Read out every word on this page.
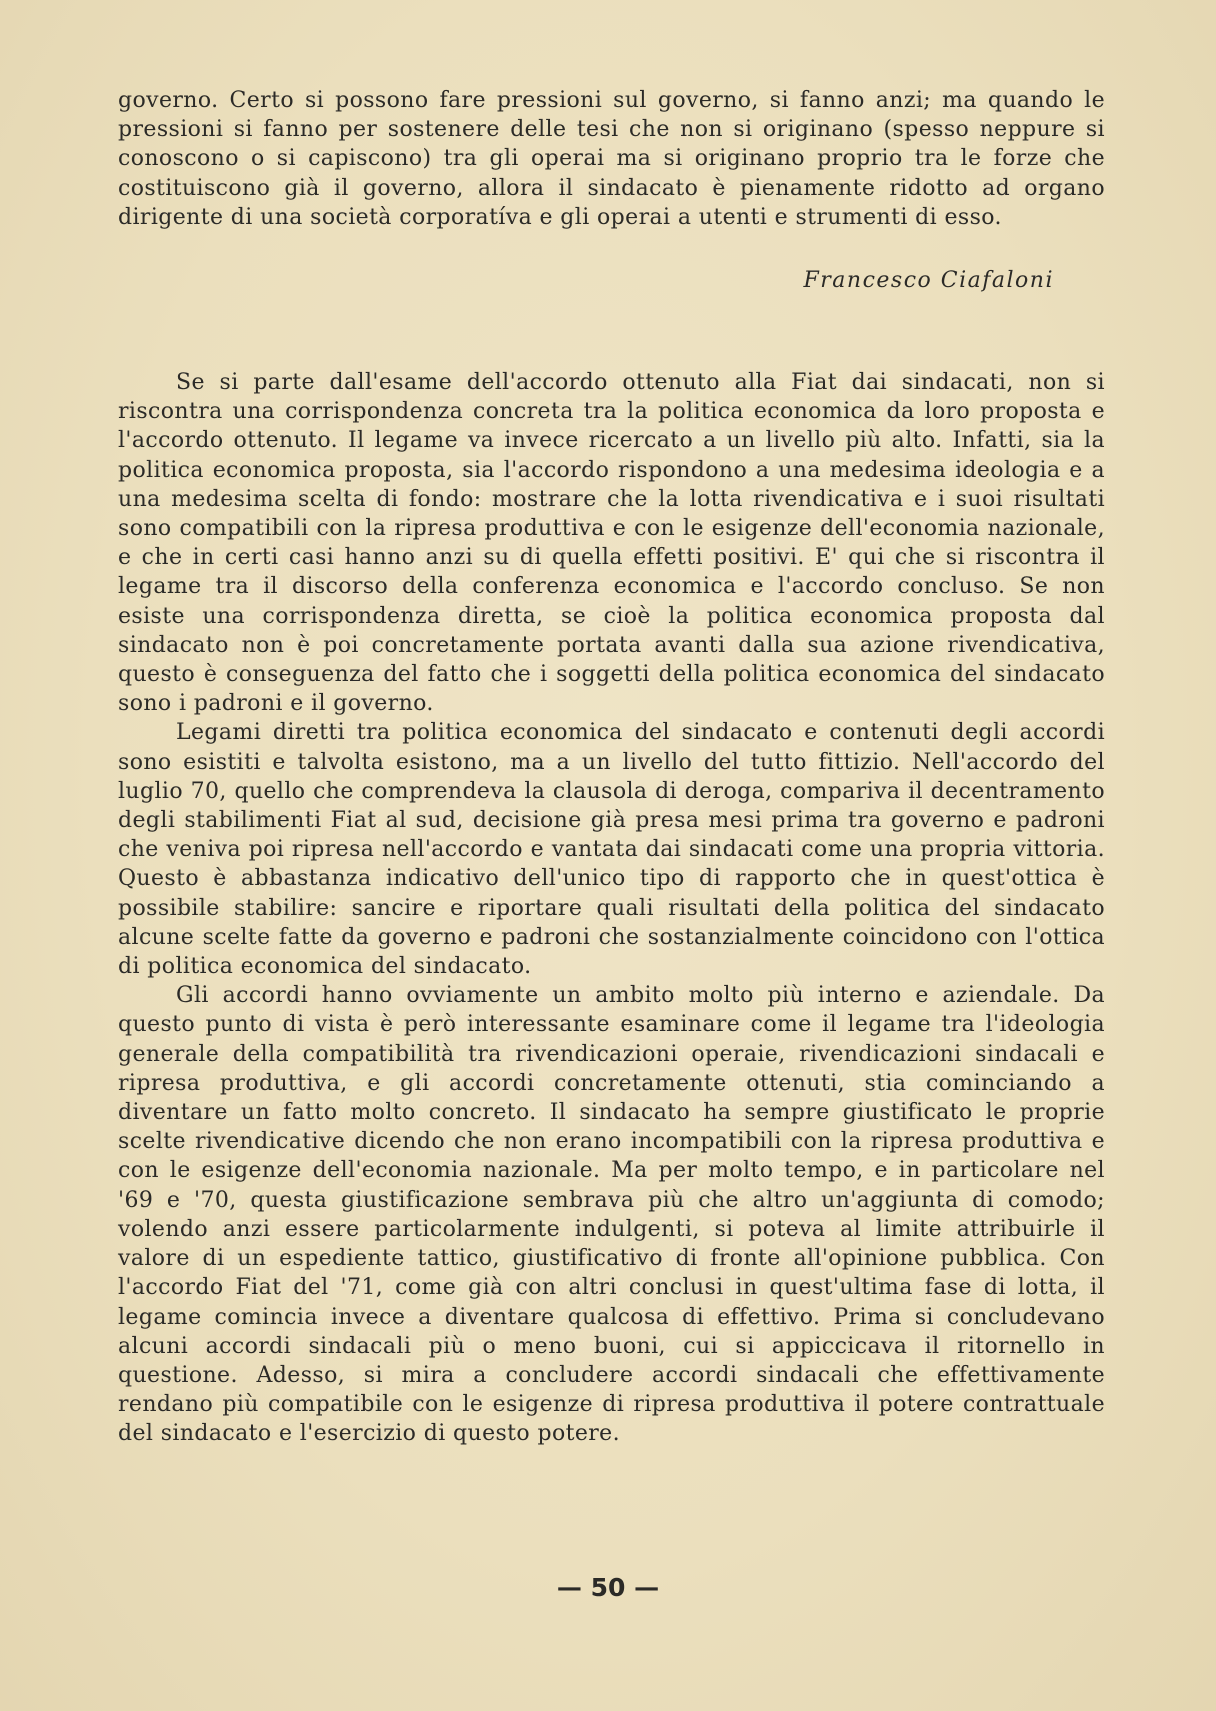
governo. Certo si possono fare pressioni sul governo, si fanno anzi; ma quando le pressioni si fanno per sostenere delle tesi che non si originano (spesso neppure si conoscono o si capiscono) tra gli operai ma si originano proprio tra le forze che costituiscono già il governo, allora il sindacato è pienamente ridotto ad organo dirigente di una società corporatíva e gli operai a utenti e strumenti di esso.

Francesco Ciafaloni

Se si parte dall'esame dell'accordo ottenuto alla Fiat dai sindacati, non si riscontra una corrispondenza concreta tra la politica economica da loro proposta e l'accordo ottenuto. Il legame va invece ricercato a un livello più alto. Infatti, sia la politica economica proposta, sia l'accordo rispondono a una medesima ideologia e a una medesima scelta di fondo: mostrare che la lotta rivendicativa e i suoi risultati sono compatibili con la ripresa produttiva e con le esigenze dell'economia nazionale, e che in certi casi hanno anzi su di quella effetti positivi. E' qui che si riscontra il legame tra il discorso della conferenza economica e l'accordo concluso. Se non esiste una corrispondenza diretta, se cioè la politica economica proposta dal sindacato non è poi concretamente portata avanti dalla sua azione rivendicativa, questo è conseguenza del fatto che i soggetti della politica economica del sindacato sono i padroni e il governo.

Legami diretti tra politica economica del sindacato e contenuti degli accordi sono esistiti e talvolta esistono, ma a un livello del tutto fittizio. Nell'accordo del luglio 70, quello che comprendeva la clausola di deroga, compariva il decentramento degli stabilimenti Fiat al sud, decisione già presa mesi prima tra governo e padroni che veniva poi ripresa nell'accordo e vantata dai sindacati come una propria vittoria. Questo è abbastanza indicativo dell'unico tipo di rapporto che in quest'ottica è possibile stabilire: sancire e riportare quali risultati della politica del sindacato alcune scelte fatte da governo e padroni che sostanzialmente coincidono con l'ottica di politica economica del sindacato.

Gli accordi hanno ovviamente un ambito molto più interno e aziendale. Da questo punto di vista è però interessante esaminare come il legame tra l'ideologia generale della compatibilità tra rivendicazioni operaie, rivendicazioni sindacali e ripresa produttiva, e gli accordi concretamente ottenuti, stia cominciando a diventare un fatto molto concreto. Il sindacato ha sempre giustificato le proprie scelte rivendicative dicendo che non erano incompatibili con la ripresa produttiva e con le esigenze dell'economia nazionale. Ma per molto tempo, e in particolare nel '69 e '70, questa giustificazione sembrava più che altro un'aggiunta di comodo; volendo anzi essere particolarmente indulgenti, si poteva al limite attribuirle il valore di un espediente tattico, giustificativo di fronte all'opinione pubblica. Con l'accordo Fiat del '71, come già con altri conclusi in quest'ultima fase di lotta, il legame comincia invece a diventare qualcosa di effettivo. Prima si concludevano alcuni accordi sindacali più o meno buoni, cui si appiccicava il ritornello in questione. Adesso, si mira a concludere accordi sindacali che effettivamente rendano più compatibile con le esigenze di ripresa produttiva il potere contrattuale del sindacato e l'esercizio di questo potere.

— 50 —
